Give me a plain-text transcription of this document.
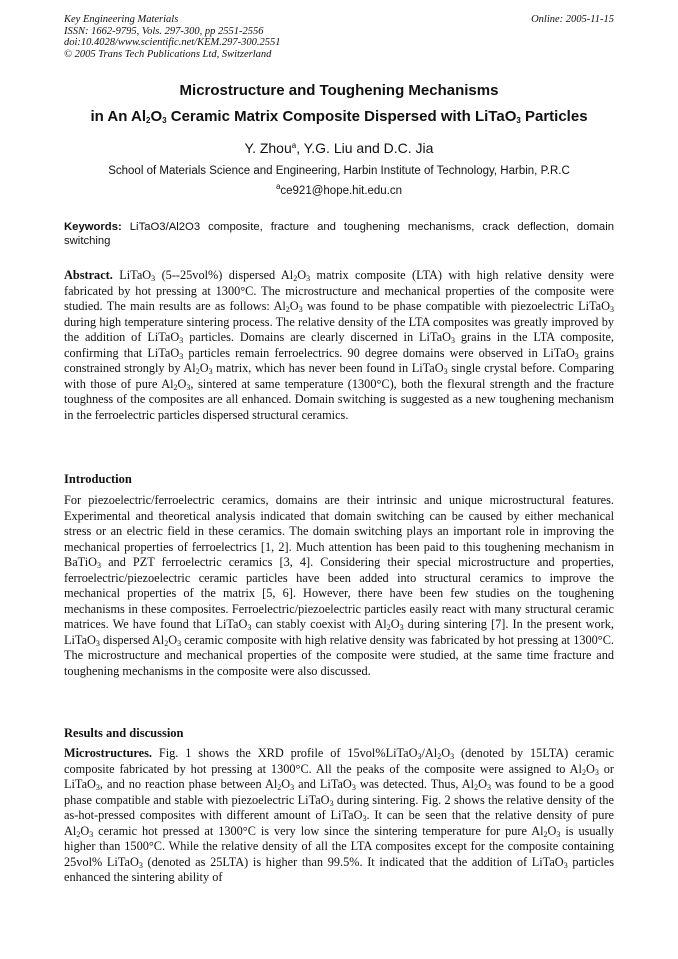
Key Engineering Materials
ISSN: 1662-9795, Vols. 297-300, pp 2551-2556
doi:10.4028/www.scientific.net/KEM.297-300.2551
© 2005 Trans Tech Publications Ltd, Switzerland
Online: 2005-11-15
Microstructure and Toughening Mechanisms
in An $Al_2O_3$ Ceramic Matrix Composite Dispersed with LiTaO$_3$ Particles
Y. Zhou$^a$, Y.G. Liu and D.C. Jia
School of Materials Science and Engineering, Harbin Institute of Technology, Harbin, P.R.C
$^a$ce921@hope.hit.edu.cn
Keywords: LiTaO3/Al2O3 composite, fracture and toughening mechanisms, crack deflection, domain switching
Abstract. LiTaO$_3$ (5--25vol%) dispersed $Al_2O_3$ matrix composite (LTA) with high relative density were fabricated by hot pressing at 1300°C. The microstructure and mechanical properties of the composite were studied. The main results are as follows: $Al_2O_3$ was found to be phase compatible with piezoelectric LiTaO$_3$ during high temperature sintering process. The relative density of the LTA composites was greatly improved by the addition of LiTaO$_3$ particles. Domains are clearly discerned in LiTaO$_3$ grains in the LTA composite, confirming that LiTaO$_3$ particles remain ferroelectrics. 90 degree domains were observed in LiTaO$_3$ grains constrained strongly by $Al_2O_3$ matrix, which has never been found in LiTaO$_3$ single crystal before. Comparing with those of pure $Al_2O_3$, sintered at same temperature (1300°C), both the flexural strength and the fracture toughness of the composites are all enhanced. Domain switching is suggested as a new toughening mechanism in the ferroelectric particles dispersed structural ceramics.
Introduction
For piezoelectric/ferroelectric ceramics, domains are their intrinsic and unique microstructural features. Experimental and theoretical analysis indicated that domain switching can be caused by either mechanical stress or an electric field in these ceramics. The domain switching plays an important role in improving the mechanical properties of ferroelectrics [1, 2]. Much attention has been paid to this toughening mechanism in BaTiO$_3$ and PZT ferroelectric ceramics [3, 4]. Considering their special microstructure and properties, ferroelectric/piezoelectric ceramic particles have been added into structural ceramics to improve the mechanical properties of the matrix [5, 6]. However, there have been few studies on the toughening mechanisms in these composites. Ferroelectric/piezoelectric particles easily react with many structural ceramic matrices. We have found that LiTaO$_3$ can stably coexist with $Al_2O_3$ during sintering [7]. In the present work, LiTaO$_3$ dispersed $Al_2O_3$ ceramic composite with high relative density was fabricated by hot pressing at 1300°C. The microstructure and mechanical properties of the composite were studied, at the same time fracture and toughening mechanisms in the composite were also discussed.
Results and discussion
Microstructures. Fig. 1 shows the XRD profile of $15vol\%LiTaO_3/Al_2O_3$ (denoted by 15LTA) ceramic composite fabricated by hot pressing at 1300°C. All the peaks of the composite were assigned to $Al_2O_3$ or LiTaO$_3$, and no reaction phase between $Al_2O_3$ and LiTaO$_3$ was detected. Thus, $Al_2O_3$ was found to be a good phase compatible and stable with piezoelectric LiTaO$_3$ during sintering. Fig. 2 shows the relative density of the as-hot-pressed composites with different amount of LiTaO$_3$. It can be seen that the relative density of pure $Al_2O_3$ ceramic hot pressed at 1300°C is very low since the sintering temperature for pure $Al_2O_3$ is usually higher than 1500°C. While the relative density of all the LTA composites except for the composite containing 25vol% LiTaO$_3$ (denoted as 25LTA) is higher than 99.5%. It indicated that the addition of LiTaO$_3$ particles enhanced the sintering ability of
